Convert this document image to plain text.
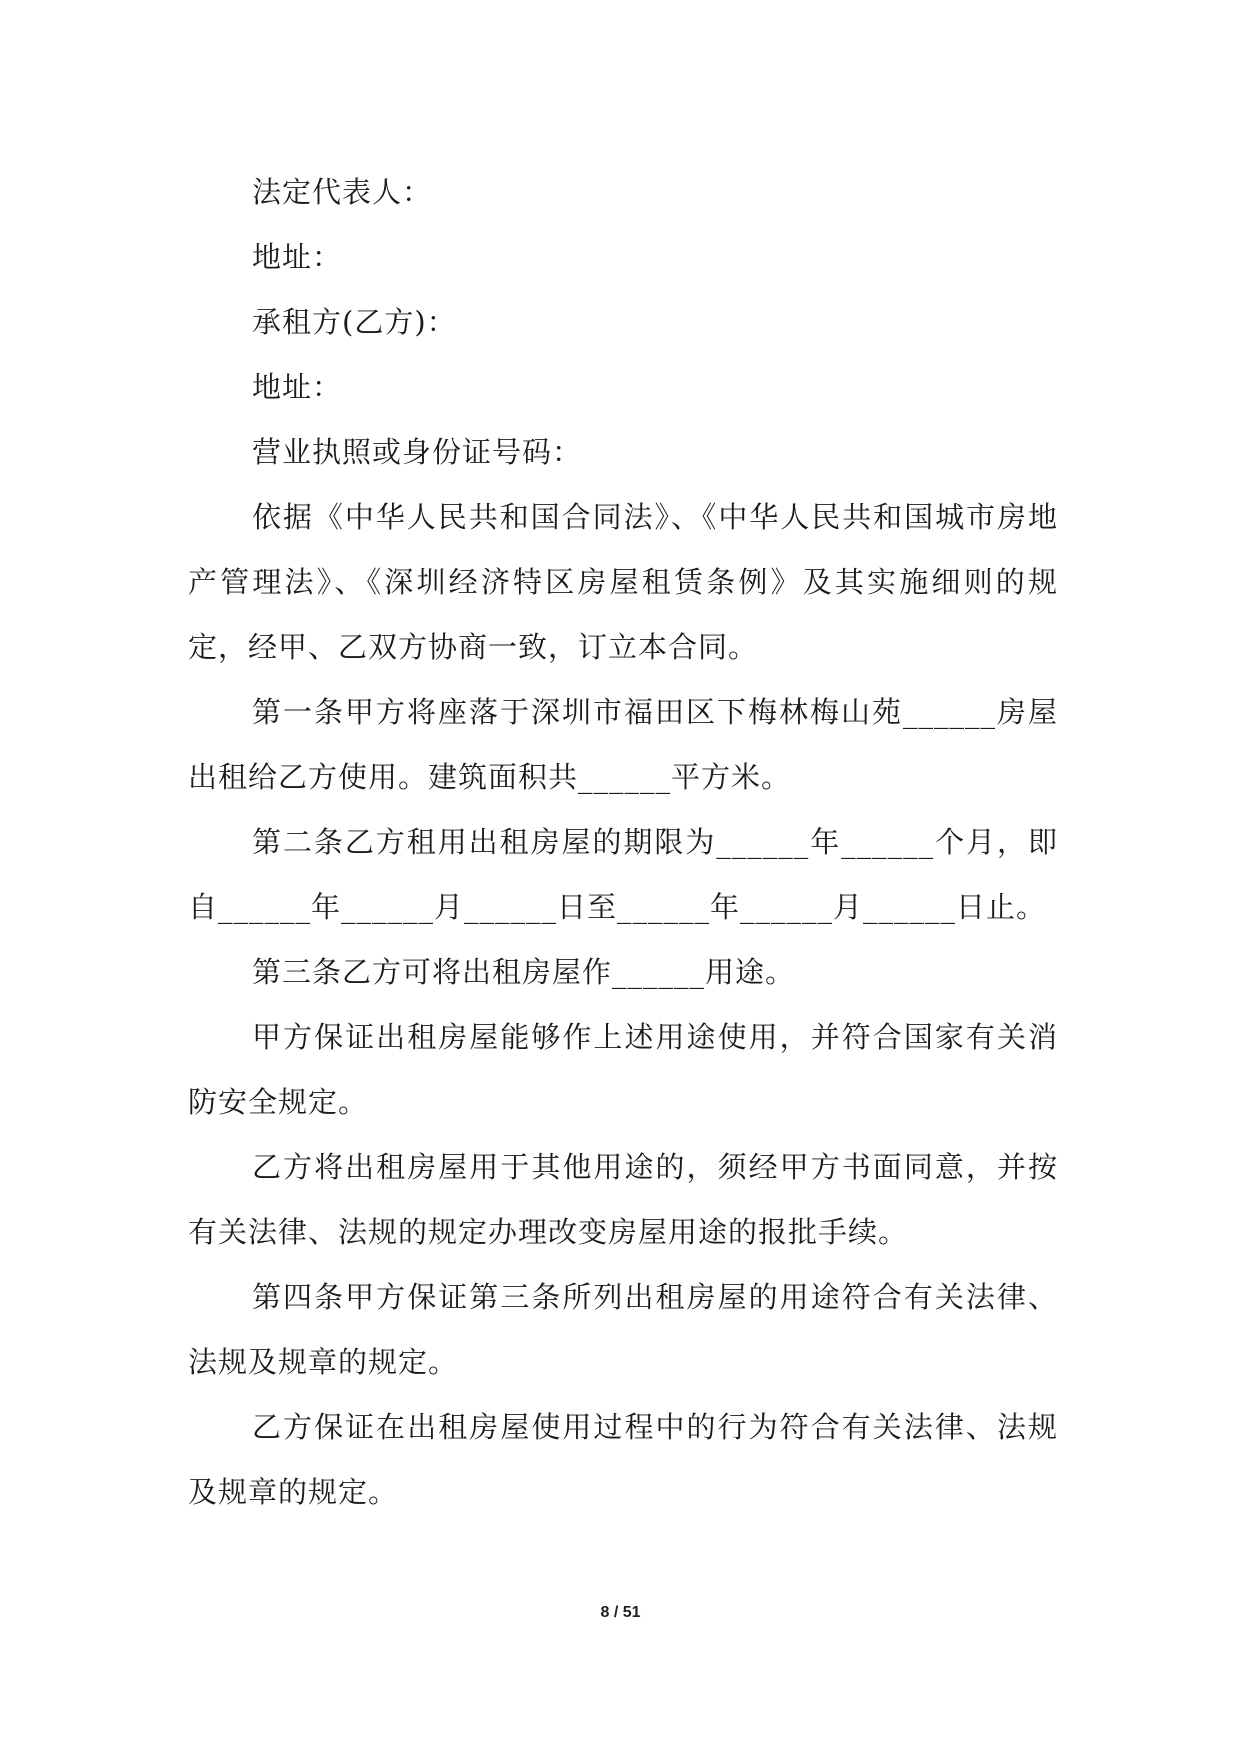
法定代表人：

地址：

承租方(乙方)：

地址：

营业执照或身份证号码：

依据《中华人民共和国合同法》、《中华人民共和国城市房地产管理法》、《深圳经济特区房屋租赁条例》及其实施细则的规定，经甲、乙双方协商一致，订立本合同。

第一条甲方将座落于深圳市福田区下梅林梅山苑______房屋出租给乙方使用。建筑面积共______平方米。

第二条乙方租用出租房屋的期限为______年______个月，即自______年______月______日至______年______月______日止。

第三条乙方可将出租房屋作______用途。

甲方保证出租房屋能够作上述用途使用，并符合国家有关消防安全规定。

乙方将出租房屋用于其他用途的，须经甲方书面同意，并按有关法律、法规的规定办理改变房屋用途的报批手续。

第四条甲方保证第三条所列出租房屋的用途符合有关法律、法规及规章的规定。

乙方保证在出租房屋使用过程中的行为符合有关法律、法规及规章的规定。

8 / 51
